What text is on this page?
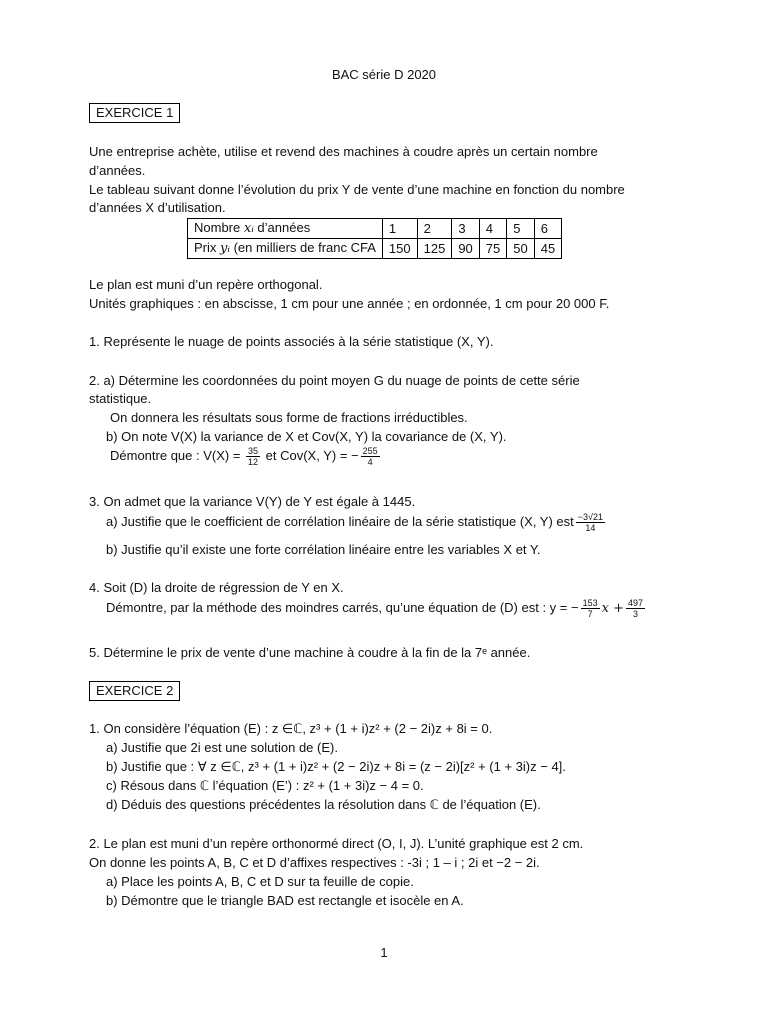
BAC série D 2020
EXERCICE 1
Une entreprise achète, utilise et revend des machines à coudre après un certain nombre
d’années.
Le tableau suivant donne l’évolution du prix Y de vente d’une machine en fonction du nombre
d’années X d’utilisation.
Nombre xᵢ d’années	1	2	3	4	5	6
Prix yᵢ (en milliers de franc CFA	150	125	90	75	50	45
Le plan est muni d’un repère orthogonal.
Unités graphiques : en abscisse, 1 cm pour une année ; en ordonnée, 1 cm pour 20 000 F.
1. Représente le nuage de points associés à la série statistique (X, Y).
2. a) Détermine les coordonnées du point moyen G du nuage de points de cette série
statistique.
On donnera les résultats sous forme de fractions irréductibles.
b) On note V(X) la variance de X et Cov(X, Y) la covariance de (X, Y).
Démontre que : $V(X) = \frac{35}{12}$ et Cov(X, Y) = − $\frac{255}{4}$
3. On admet que la variance V(Y) de Y est égale à 1445.
a) Justifie que le coefficient de corrélation linéaire de la série statistique (X, Y) est $\frac{-3√21}{14}$
b) Justifie qu’il existe une forte corrélation linéaire entre les variables X et Y.
4. Soit (D) la droite de régression de Y en X.
Démontre, par la méthode des moindres carrés, qu’une équation de (D) est : y = − $\frac{153}{7}$ $x + \frac{497}{3}$
5. Détermine le prix de vente d’une machine à coudre à la fin de la 7ᵉ année.
EXERCICE 2
1. On considère l’équation (E) : z ∈ℂ, z³ + (1 + i)z² + (2 − 2i)z + 8i = 0.
a) Justifie que 2i est une solution de (E).
b) Justifie que : ∀ z ∈ℂ, z³ + (1 + i)z² + (2 − 2i)z + 8i = (z − 2i)[z² + (1 + 3i)z − 4].
c) Résous dans ℂ l’équation (E’) : z² + (1 + 3i)z − 4 = 0.
d) Déduis des questions précédentes la résolution dans ℂ de l’équation (E).
2. Le plan est muni d’un repère orthonormé direct (O, I, J). L’unité graphique est 2 cm.
On donne les points A, B, C et D d’affixes respectives : -3i ; 1 – i ; 2i et −2 − 2i.
a) Place les points A, B, C et D sur ta feuille de copie.
b) Démontre que le triangle BAD est rectangle et isocèle en A.
1
